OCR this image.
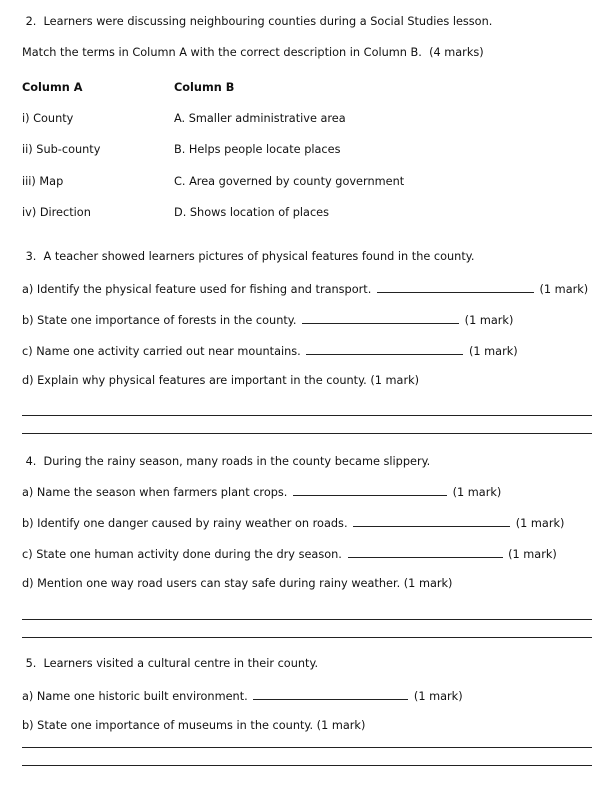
2.  Learners were discussing neighbouring counties during a Social Studies lesson.
Match the terms in Column A with the correct description in Column B.  (4 marks)
Column A	Column B
i) County	A. Smaller administrative area
ii) Sub-county	B. Helps people locate places
iii) Map	C. Area governed by county government
iv) Direction	D. Shows location of places
3.  A teacher showed learners pictures of physical features found in the county.
a) Identify the physical feature used for fishing and transport.	(1 mark)
b) State one importance of forests in the county.	(1 mark)
c) Name one activity carried out near mountains.	(1 mark)
d) Explain why physical features are important in the county. (1 mark)
4.  During the rainy season, many roads in the county became slippery.
a) Name the season when farmers plant crops.	(1 mark)
b) Identify one danger caused by rainy weather on roads.	(1 mark)
c) State one human activity done during the dry season.	(1 mark)
d) Mention one way road users can stay safe during rainy weather. (1 mark)
5.  Learners visited a cultural centre in their county.
a) Name one historic built environment.	(1 mark)
b) State one importance of museums in the county. (1 mark)
